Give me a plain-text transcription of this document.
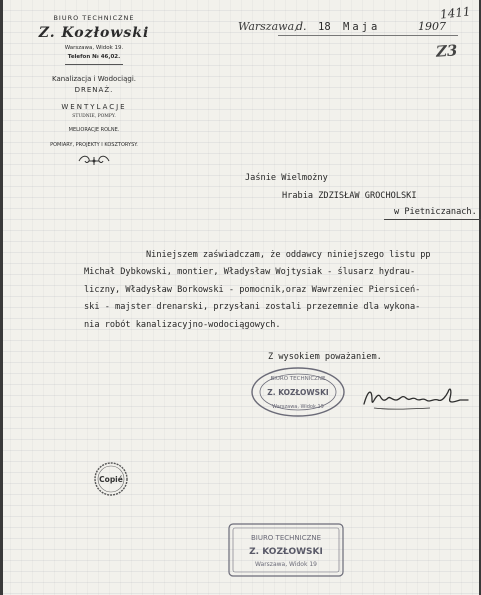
BIURO TECHNICZNE
Z. Kozłowski
Warszawa, Widok 19.
Telefon № 46,02.
Kanalizacja i Wodociągi.
DRENAŻ.
WENTYLACJE
STUDNIE, POMPY.
MELIORACJE ROLNE.
POMIARY, PROJEKTY I KOSZTORYSY.
Warszawa,
d. 18 Maja	1907
1411
Z3
Jaśnie Wielmożny
Hrabia ZDZISŁAW GROCHOLSKI
w Pietniczanach.
Niniejszem zaświadczam, że oddawcy niniejszego listu pp
Michał Dybkowski, montier, Władysław Wojtysiak - ślusarz hydrau-
liczny, Władysław Borkowski - pomocnik,oraz Wawrzeniec Piersiceń-
ski - majster drenarski, przysłani zostali przezemnie dla wykona-
nia robót kanalizacyjno-wodociągowych.
Z wysokiem poważaniem.
BIURO TECHNICZNE
Z. KOZŁOWSKI
Warszawa, Widok 19
Copié
BIURO TECHNICZNE
Z. KOZŁOWSKI
Warszawa, Widok 19
